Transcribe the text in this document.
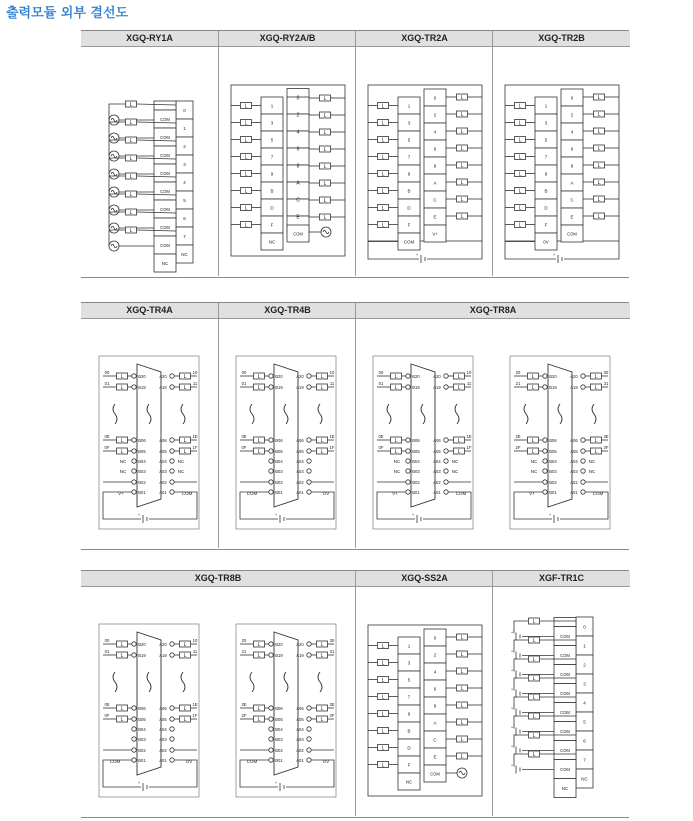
출력모듈 외부 결선도
XGQ-RY1A	XGQ-RY2A/B	XGQ-TR2A	XGQ-TR2B
0
1
2
3
4
5
6
7
NC
COM
COM
COM
COM
COM
COM
COM
COM
NC
L
L
L
L
L
L
L
L
1
3
5
7
9
B
D
F
NC
0
2
4
6
8
A
C
E
COM
L
L
L
L
L
L
L
L
L
L
L
L
L
L
L
L
1
3
5
7
9
B
D
F
COM
0
2
4
6
8
A
C
E
V+
L
L
L
L
L
L
L
L
L
L
L
L
L
L
L
L
+
1
3
5
7
9
B
D
F
0V
0
2
4
6
8
A
C
E
COM
L
L
L
L
L
L
L
L
L
L
L
L
L
L
L
L
+
XGQ-TR4A	XGQ-TR4B	XGQ-TR8A
B20	A20
B19	A19
B06	A06
B05	A05
B04	A04
B03	A03
B02	A02
B01	A01
L
00
L
10
L
01
L
11
L
0E
L
1E
L
0F
L
1F
NC
NC
NC
NC
V+	COM
+
B20	A20
B19	A19
B06	A06
B05	A05
B04	A04
B03	A03
B02	A02
B01	A01
L
00
L
10
L
01
L
11
L
0E
L
1E
L
0F
L
1F
COM	OV
+
B20	A20
B19	A19
B06	A06
B05	A05
B04	A04
B03	A03
B02	A02
B01	A01
L
00
L
10
L
01
L
11
L
0E
L
1E
L
0F
L
1F
NC
NC
NC
NC
V+	COM
+
B20	A20
B19	A19
B06	A06
B05	A05
B04	A04
B03	A03
B02	A02
B01	A01
L
20
L
30
L
21
L
31
L
2E
L
3E
L
2F
L
3F
NC
NC
NC
NC
V+	COM
+
XGQ-TR8B	XGQ-SS2A	XGF-TR1C
B20	A20
B19	A19
B06	A06
B05	A05
B04	A04
B03	A03
B02	A02
B01	A01
L
00
L
10
L
01
L
11
L
0E
L
1E
L
0F
L
1F
COM	OV
+
B20	A20
B19	A19
B06	A06
B05	A05
B04	A04
B03	A03
B02	A02
B01	A01
L
20
L
30
L
21
L
31
L
2E
L
3E
L
2F
L
3F
COM	OV
+
1
3
5
7
9
B
D
F
NC
0
2
4
6
8
A
C
E
COM
L
L
L
L
L
L
L
L
L
L
L
L
L
L
L
L
0
1
2
3
4
5
6
7
NC
COM
COM
COM
COM
COM
COM
COM
COM
NC
L
+
L
+
L
+
L
+
L
+
L
+
L
+
L
+
